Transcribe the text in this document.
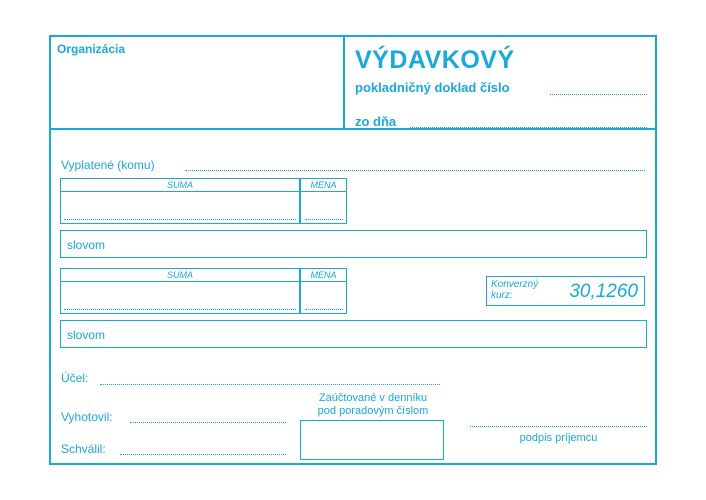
Organizácia	VÝDAVKOVÝ
pokladničný doklad číslo
zo dňa
Vyplatené (komu)
SUMA	MENA
slovom
SUMA	MENA
Konverzný
kurz:	30,1260
slovom
Účel:
Vyhotovil:
Schválil:
Zaúčtované v denníku
pod poradovým číslom
podpis príjemcu
